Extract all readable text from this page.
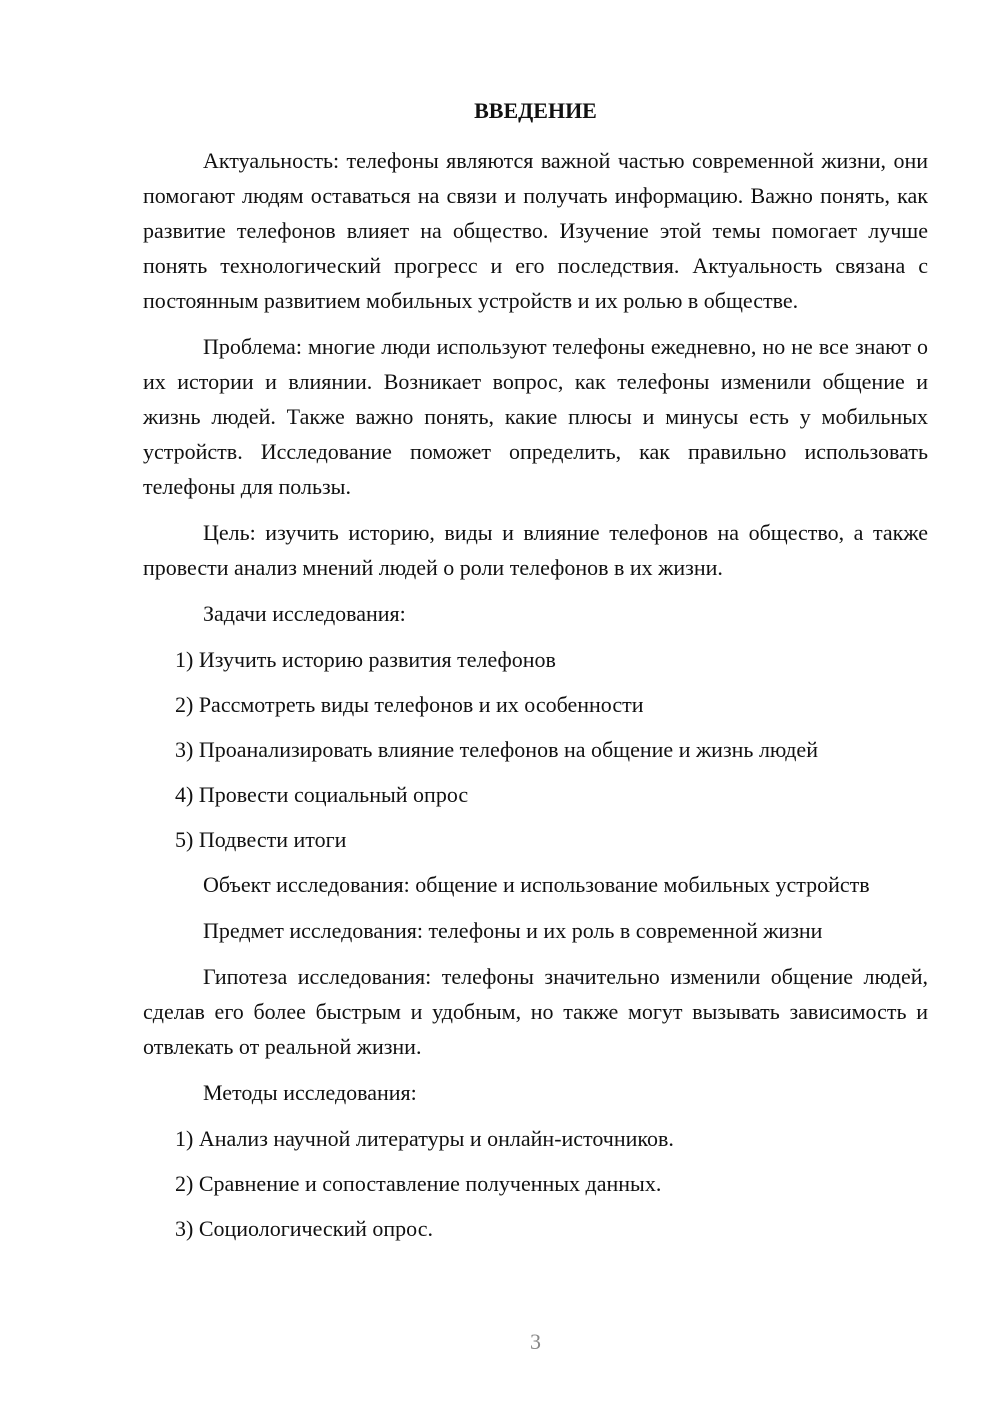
ВВЕДЕНИЕ

Актуальность: телефоны являются важной частью современной жизни, они помогают людям оставаться на связи и получать информацию. Важно понять, как развитие телефонов влияет на общество. Изучение этой темы помогает лучше понять технологический прогресс и его последствия. Актуальность связана с постоянным развитием мобильных устройств и их ролью в обществе.

Проблема: многие люди используют телефоны ежедневно, но не все знают о их истории и влиянии. Возникает вопрос, как телефоны изменили общение и жизнь людей. Также важно понять, какие плюсы и минусы есть у мобильных устройств. Исследование поможет определить, как правильно использовать телефоны для пользы.

Цель: изучить историю, виды и влияние телефонов на общество, а также провести анализ мнений людей о роли телефонов в их жизни.

Задачи исследования:

1) Изучить историю развития телефонов

2) Рассмотреть виды телефонов и их особенности

3) Проанализировать влияние телефонов на общение и жизнь людей

4) Провести социальный опрос

5) Подвести итоги

Объект исследования: общение и использование мобильных устройств

Предмет исследования: телефоны и их роль в современной жизни

Гипотеза исследования: телефоны значительно изменили общение людей, сделав его более быстрым и удобным, но также могут вызывать зависимость и отвлекать от реальной жизни.

Методы исследования:

1) Анализ научной литературы и онлайн-источников.

2) Сравнение и сопоставление полученных данных.

3) Социологический опрос.

3
